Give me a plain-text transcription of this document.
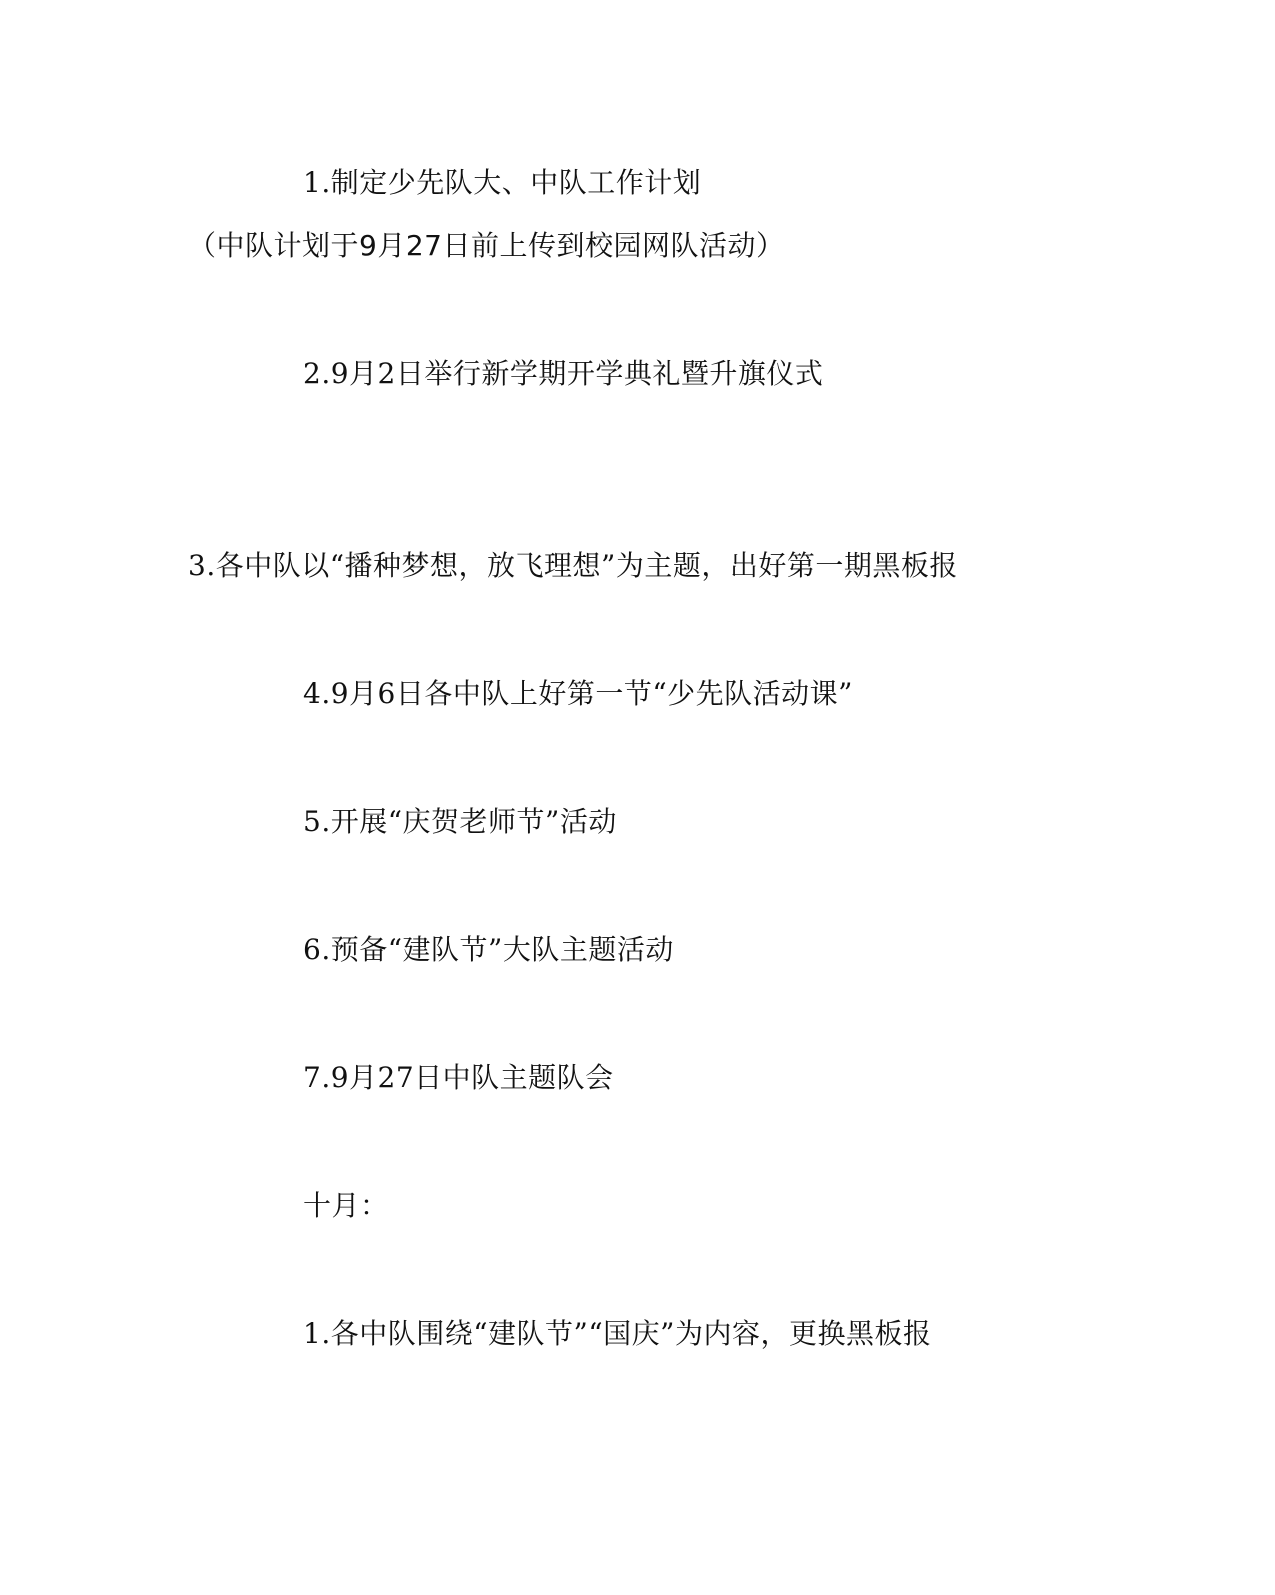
1.制定少先队大、中队工作计划
（中队计划于9月27日前上传到校园网队活动）
2.9月2日举行新学期开学典礼暨升旗仪式
3.各中队以“播种梦想，放飞理想”为主题，出好第一期黑板报
4.9月6日各中队上好第一节“少先队活动课”
5.开展“庆贺老师节”活动
6.预备“建队节”大队主题活动
7.9月27日中队主题队会
十月：
1.各中队围绕“建队节”“国庆”为内容，更换黑板报
